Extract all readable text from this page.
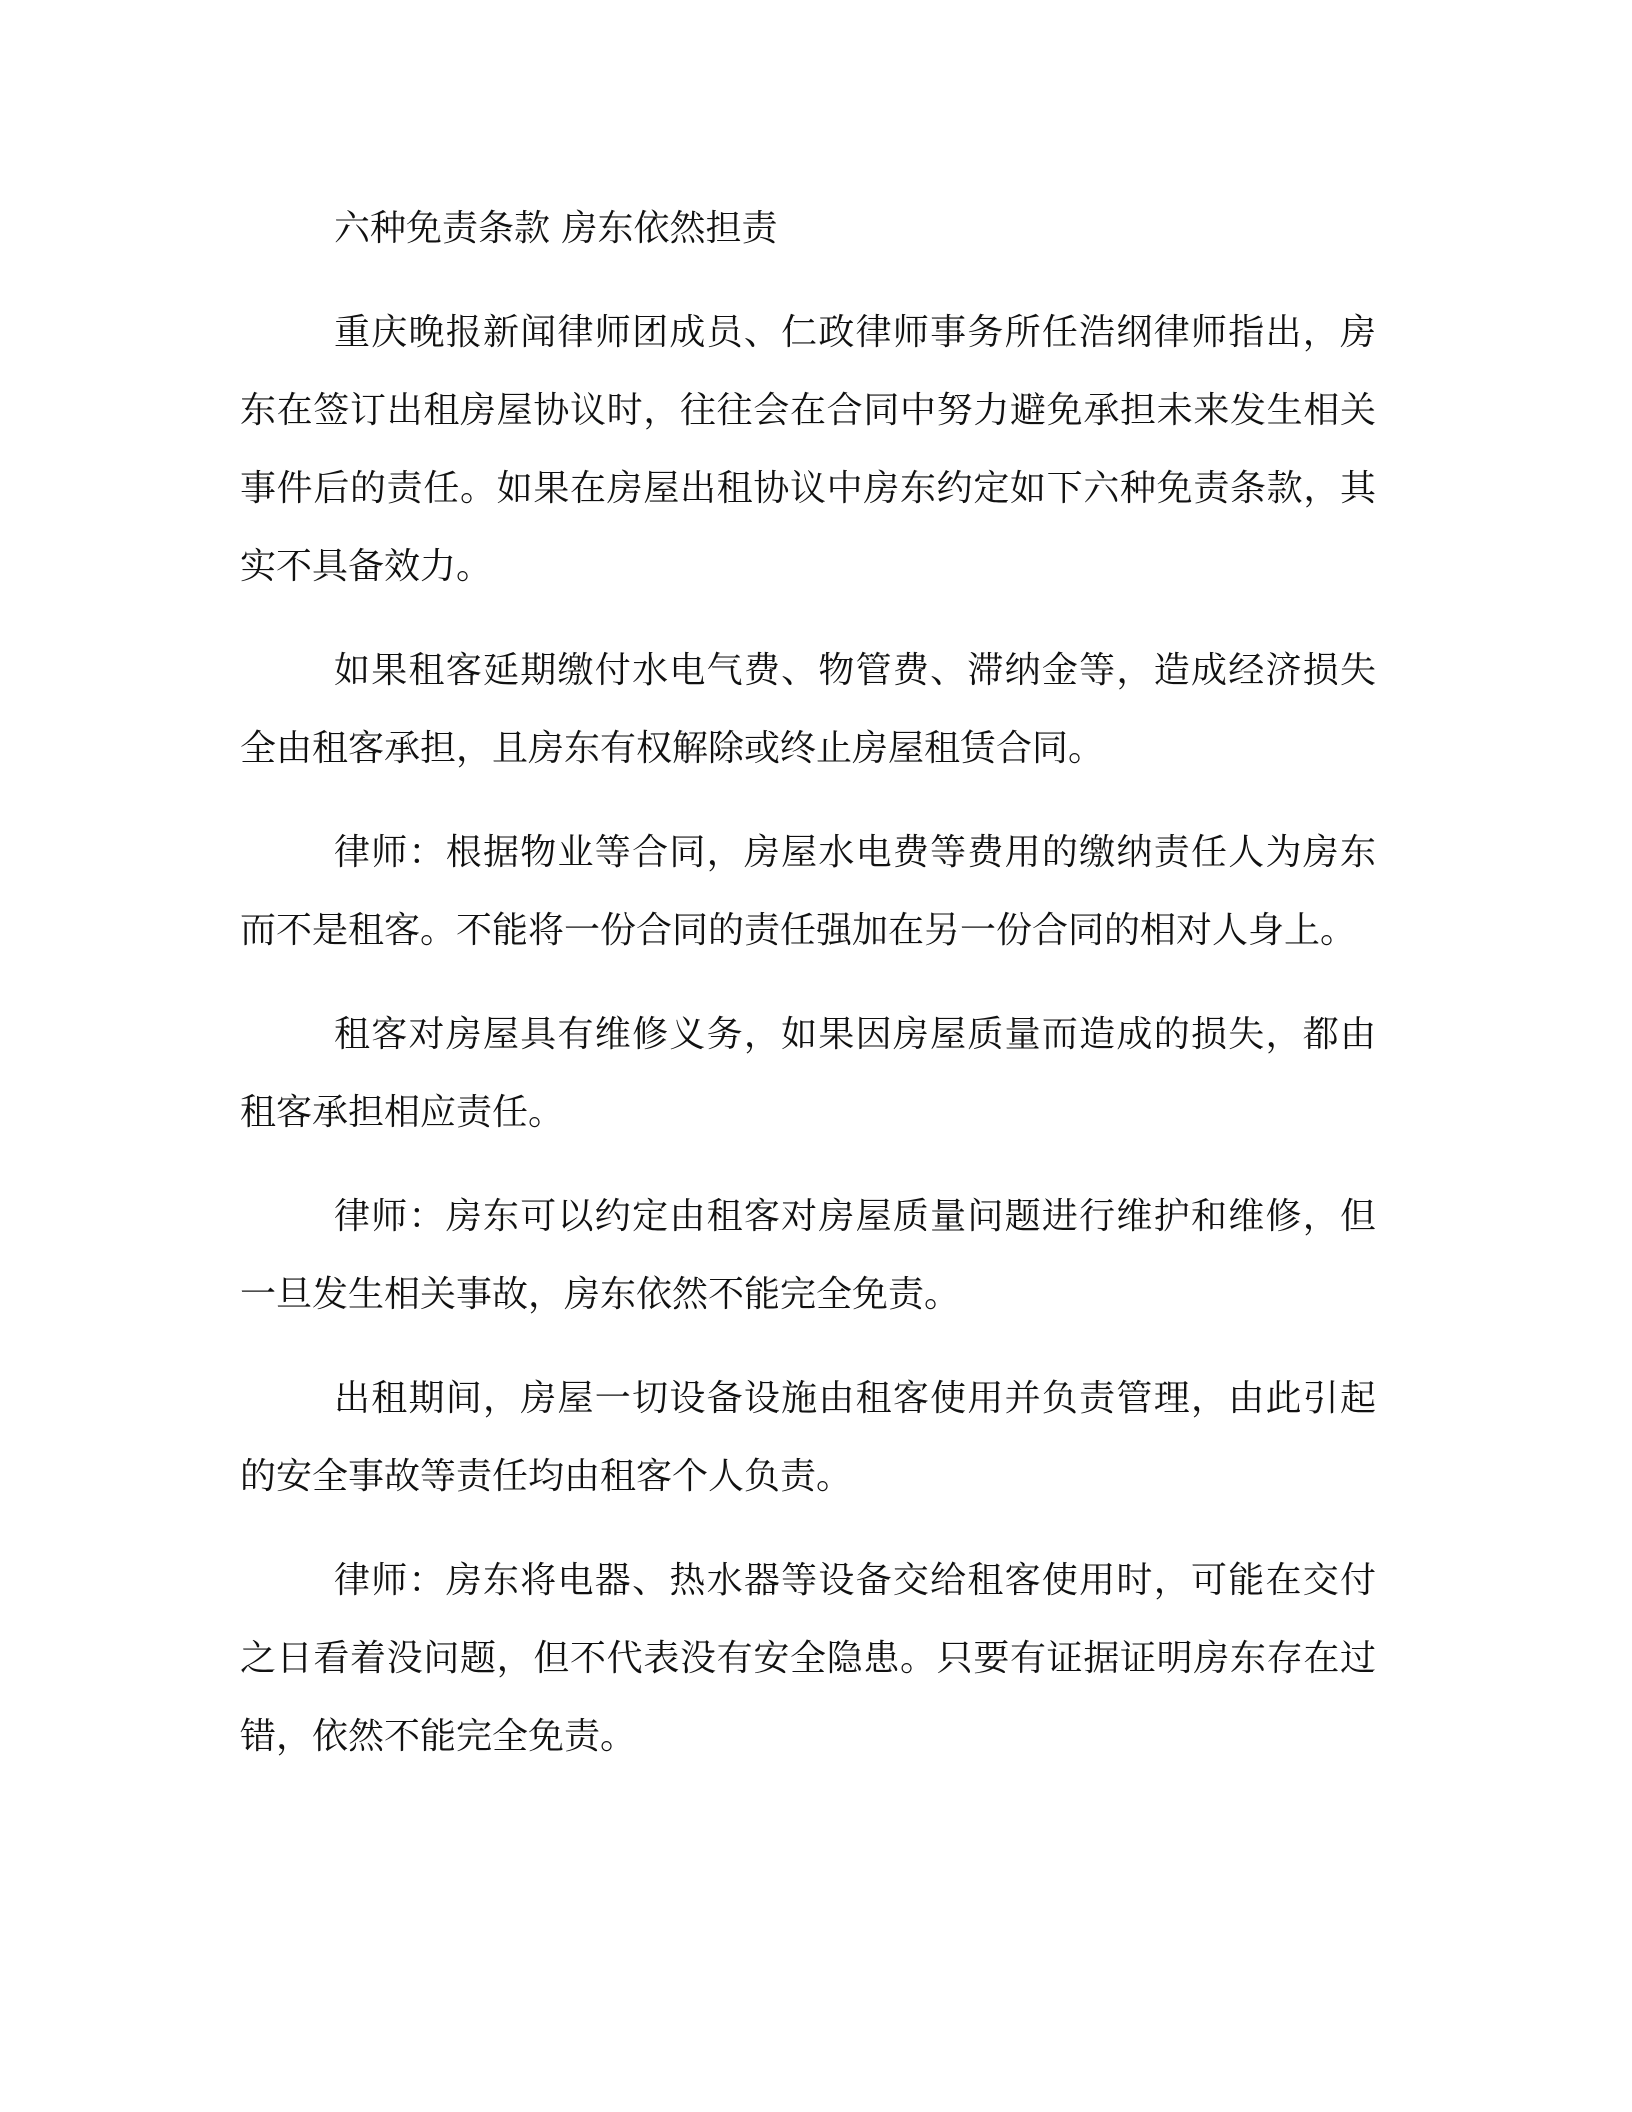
六种免责条款 房东依然担责

重庆晚报新闻律师团成员、仁政律师事务所任浩纲律师指出，房东在签订出租房屋协议时，往往会在合同中努力避免承担未来发生相关事件后的责任。如果在房屋出租协议中房东约定如下六种免责条款，其实不具备效力。

如果租客延期缴付水电气费、物管费、滞纳金等，造成经济损失全由租客承担，且房东有权解除或终止房屋租赁合同。

律师：根据物业等合同，房屋水电费等费用的缴纳责任人为房东而不是租客。不能将一份合同的责任强加在另一份合同的相对人身上。

租客对房屋具有维修义务，如果因房屋质量而造成的损失，都由租客承担相应责任。

律师：房东可以约定由租客对房屋质量问题进行维护和维修，但一旦发生相关事故，房东依然不能完全免责。

出租期间，房屋一切设备设施由租客使用并负责管理，由此引起的安全事故等责任均由租客个人负责。

律师：房东将电器、热水器等设备交给租客使用时，可能在交付之日看着没问题，但不代表没有安全隐患。只要有证据证明房东存在过错，依然不能完全免责。
